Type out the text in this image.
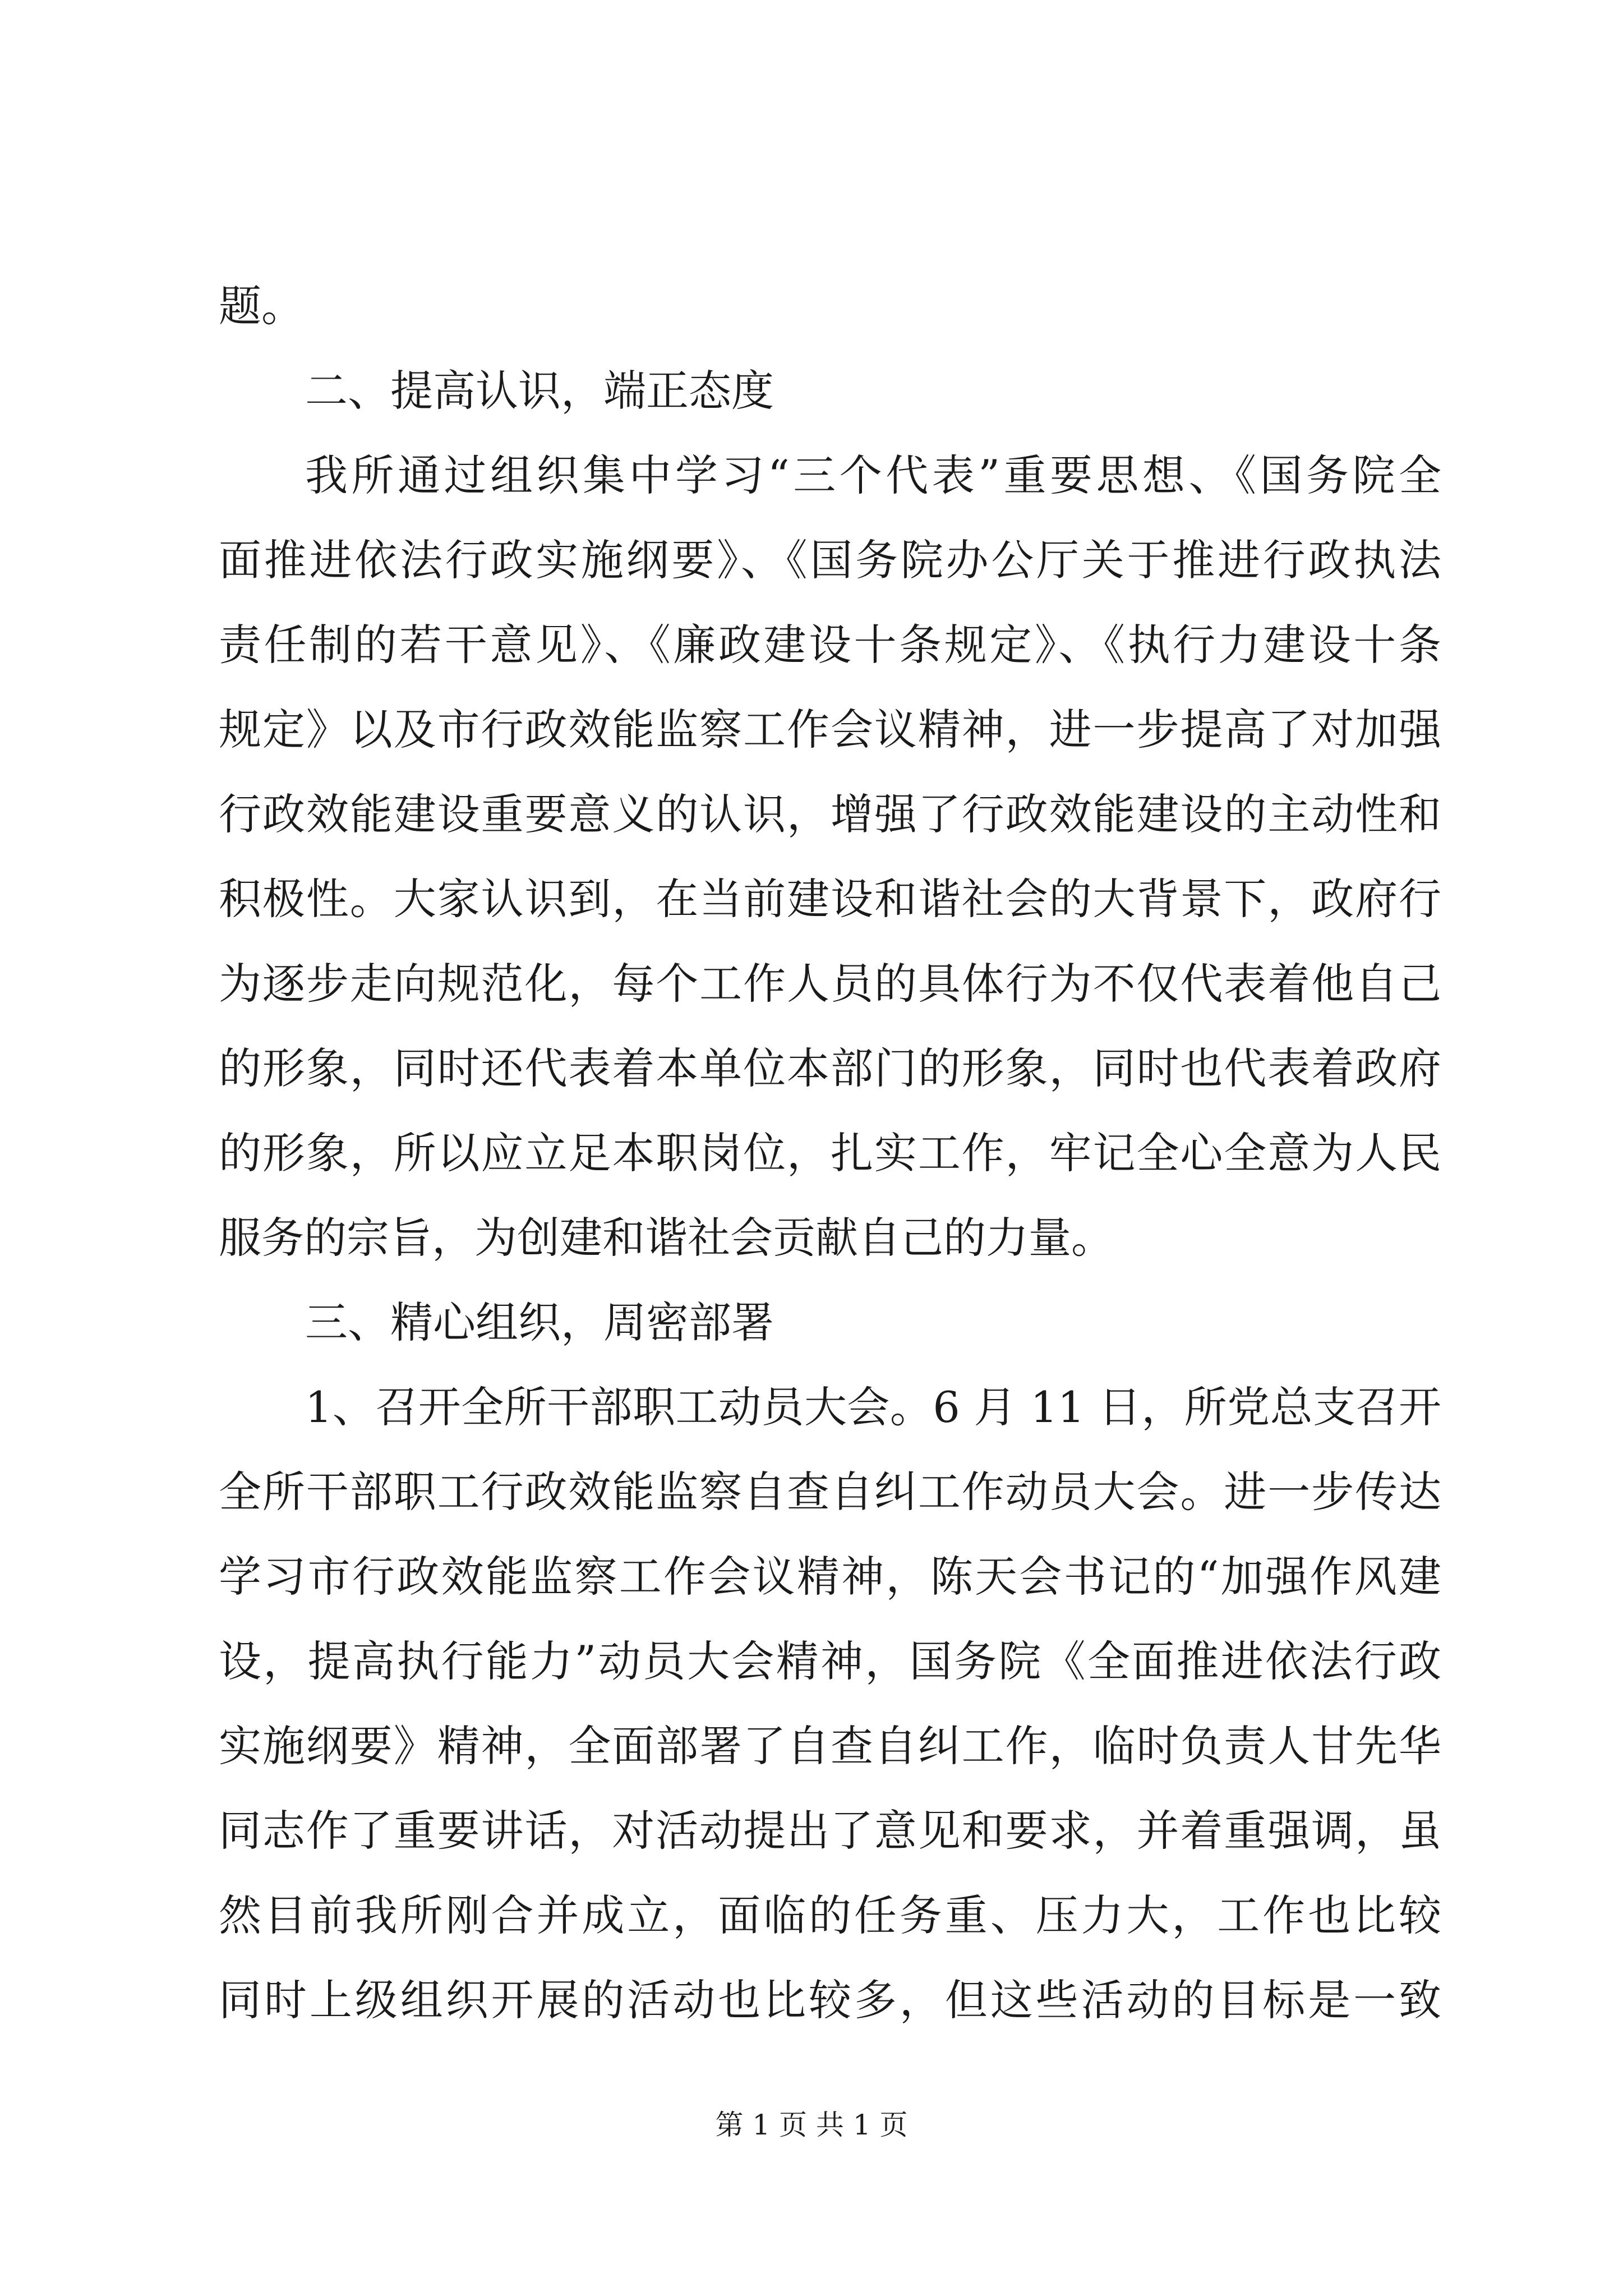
题。
二、提高认识，端正态度
我所通过组织集中学习“三个代表”重要思想、《国务院全
面推进依法行政实施纲要》、《国务院办公厅关于推进行政执法
责任制的若干意见》、《廉政建设十条规定》、《执行力建设十条
规定》以及市行政效能监察工作会议精神，进一步提高了对加强
行政效能建设重要意义的认识，增强了行政效能建设的主动性和
积极性。大家认识到，在当前建设和谐社会的大背景下，政府行
为逐步走向规范化，每个工作人员的具体行为不仅代表着他自己
的形象，同时还代表着本单位本部门的形象，同时也代表着政府
的形象，所以应立足本职岗位，扎实工作，牢记全心全意为人民
服务的宗旨，为创建和谐社会贡献自己的力量。
三、精心组织，周密部署
1、召开全所干部职工动员大会。6 月 11 日，所党总支召开
全所干部职工行政效能监察自查自纠工作动员大会。进一步传达
学习市行政效能监察工作会议精神，陈天会书记的“加强作风建
设，提高执行能力”动员大会精神，国务院《全面推进依法行政
实施纲要》精神，全面部署了自查自纠工作，临时负责人甘先华
同志作了重要讲话，对活动提出了意见和要求，并着重强调，虽
然目前我所刚合并成立，面临的任务重、压力大，工作也比较
同时上级组织开展的活动也比较多，但这些活动的目标是一致
第 1 页 共 1 页
